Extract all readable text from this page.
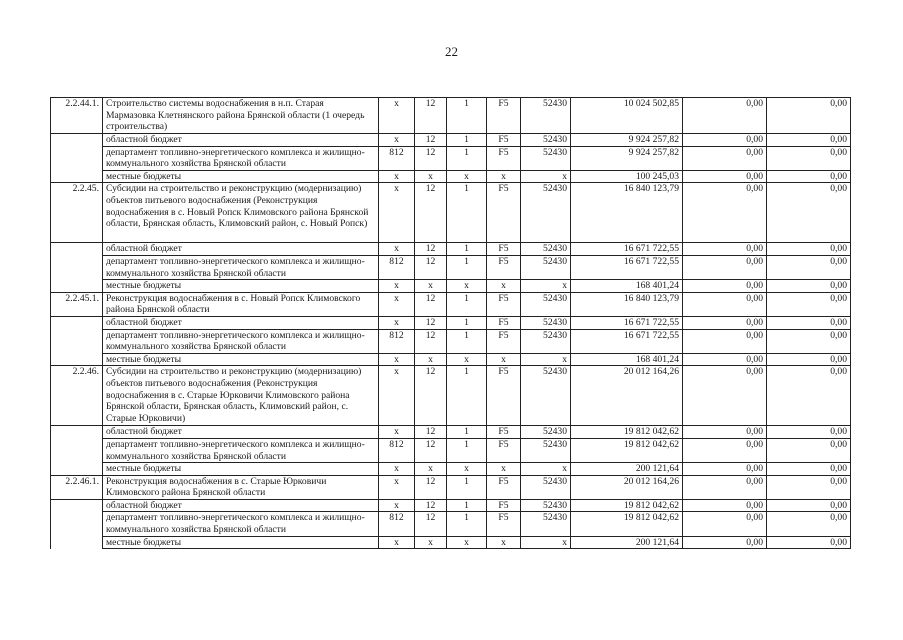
22
2.2.44.1.	Строительство системы водоснабжения в н.п. Старая Мармазовка Клетнянского района Брянской области (1 очередь строительства)	х	12	1	F5	52430	10 024 502,85	0,00	0,00
	областной бюджет	х	12	1	F5	52430	9 924 257,82	0,00	0,00
	департамент топливно-энергетического комплекса и жилищно-коммунального хозяйства Брянской области	812	12	1	F5	52430	9 924 257,82	0,00	0,00
	местные бюджеты	х	х	х	х	х	100 245,03	0,00	0,00
2.2.45.	Субсидии на строительство и реконструкцию (модернизацию) объектов питьевого водоснабжения (Реконструкция водоснабжения в с. Новый Ропск Климовского района Брянской области, Брянская область, Климовский район, с. Новый Ропск)	х	12	1	F5	52430	16 840 123,79	0,00	0,00
	областной бюджет	х	12	1	F5	52430	16 671 722,55	0,00	0,00
	департамент топливно-энергетического комплекса и жилищно-коммунального хозяйства Брянской области	812	12	1	F5	52430	16 671 722,55	0,00	0,00
	местные бюджеты	х	х	х	х	х	168 401,24	0,00	0,00
2.2.45.1.	Реконструкция водоснабжения в с. Новый Ропск Климовского района Брянской области	х	12	1	F5	52430	16 840 123,79	0,00	0,00
	областной бюджет	х	12	1	F5	52430	16 671 722,55	0,00	0,00
	департамент топливно-энергетического комплекса и жилищно-коммунального хозяйства Брянской области	812	12	1	F5	52430	16 671 722,55	0,00	0,00
	местные бюджеты	х	х	х	х	х	168 401,24	0,00	0,00
2.2.46.	Субсидии на строительство и реконструкцию (модернизацию) объектов питьевого водоснабжения (Реконструкция водоснабжения в с. Старые Юрковичи Климовского района Брянской области, Брянская область, Климовский район, с. Старые Юрковичи)	х	12	1	F5	52430	20 012 164,26	0,00	0,00
	областной бюджет	х	12	1	F5	52430	19 812 042,62	0,00	0,00
	департамент топливно-энергетического комплекса и жилищно-коммунального хозяйства Брянской области	812	12	1	F5	52430	19 812 042,62	0,00	0,00
	местные бюджеты	х	х	х	х	х	200 121,64	0,00	0,00
2.2.46.1.	Реконструкция водоснабжения в с. Старые Юрковичи Климовского района Брянской области	х	12	1	F5	52430	20 012 164,26	0,00	0,00
	областной бюджет	х	12	1	F5	52430	19 812 042,62	0,00	0,00
	департамент топливно-энергетического комплекса и жилищно-коммунального хозяйства Брянской области	812	12	1	F5	52430	19 812 042,62	0,00	0,00
	местные бюджеты	х	х	х	х	х	200 121,64	0,00	0,00
